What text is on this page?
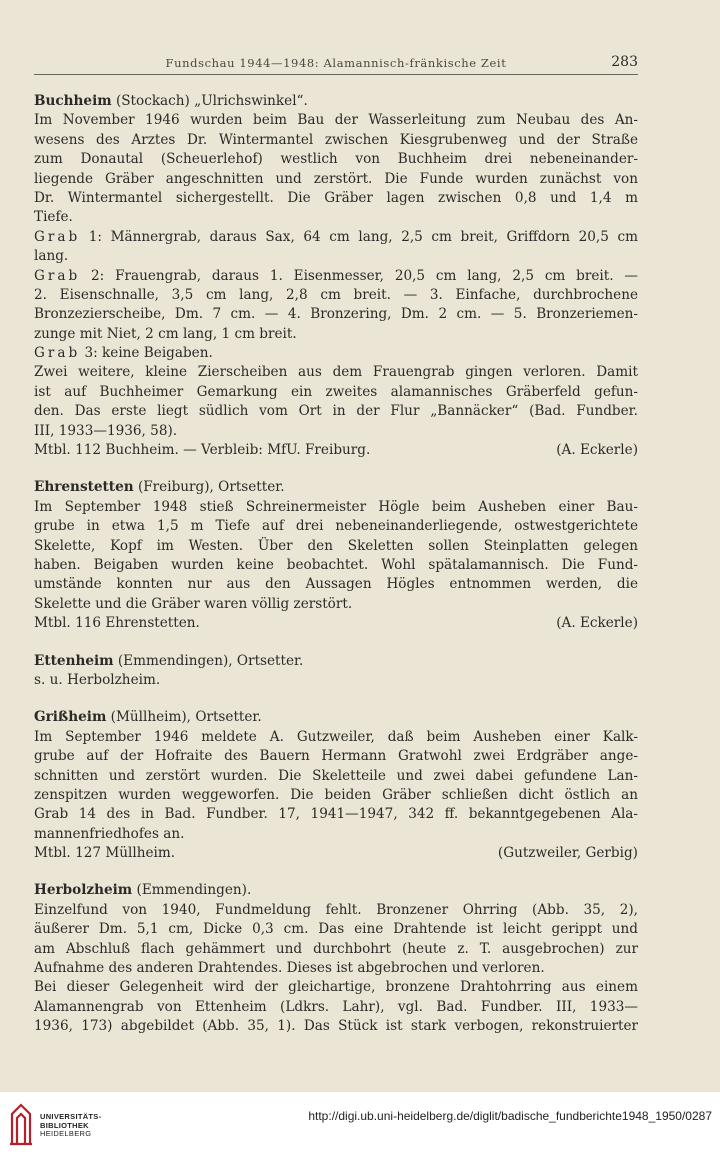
Fundschau 1944—1948: Alamannisch-fränkische Zeit	283
Buchheim (Stockach) „Ulrichswinkel“.
Im November 1946 wurden beim Bau der Wasserleitung zum Neubau des An-
wesens des Arztes Dr. Wintermantel zwischen Kiesgrubenweg und der Straße
zum Donautal (Scheuerlehof) westlich von Buchheim drei nebeneinander-
liegende Gräber angeschnitten und zerstört. Die Funde wurden zunächst von
Dr. Wintermantel sichergestellt. Die Gräber lagen zwischen 0,8 und 1,4 m
Tiefe.
Grab 1: Männergrab, daraus Sax, 64 cm lang, 2,5 cm breit, Griffdorn 20,5 cm
lang.
Grab 2: Frauengrab, daraus 1. Eisenmesser, 20,5 cm lang, 2,5 cm breit. —
2. Eisenschnalle, 3,5 cm lang, 2,8 cm breit. — 3. Einfache, durchbrochene
Bronzezierscheibe, Dm. 7 cm. — 4. Bronzering, Dm. 2 cm. — 5. Bronzeriemen-
zunge mit Niet, 2 cm lang, 1 cm breit.
Grab 3: keine Beigaben.
Zwei weitere, kleine Zierscheiben aus dem Frauengrab gingen verloren. Damit
ist auf Buchheimer Gemarkung ein zweites alamannisches Gräberfeld gefun-
den. Das erste liegt südlich vom Ort in der Flur „Bannäcker“ (Bad. Fundber.
III, 1933—1936, 58).
Mtbl. 112 Buchheim. — Verbleib: MfU. Freiburg.	(A. Eckerle)
Ehrenstetten (Freiburg), Ortsetter.
Im September 1948 stieß Schreinermeister Högle beim Ausheben einer Bau-
grube in etwa 1,5 m Tiefe auf drei nebeneinanderliegende, ostwestgerichtete
Skelette, Kopf im Westen. Über den Skeletten sollen Steinplatten gelegen
haben. Beigaben wurden keine beobachtet. Wohl spätalamannisch. Die Fund-
umstände konnten nur aus den Aussagen Högles entnommen werden, die
Skelette und die Gräber waren völlig zerstört.
Mtbl. 116 Ehrenstetten.	(A. Eckerle)
Ettenheim (Emmendingen), Ortsetter.
s. u. Herbolzheim.
Grißheim (Müllheim), Ortsetter.
Im September 1946 meldete A. Gutzweiler, daß beim Ausheben einer Kalk-
grube auf der Hofraite des Bauern Hermann Gratwohl zwei Erdgräber ange-
schnitten und zerstört wurden. Die Skeletteile und zwei dabei gefundene Lan-
zenspitzen wurden weggeworfen. Die beiden Gräber schließen dicht östlich an
Grab 14 des in Bad. Fundber. 17, 1941—1947, 342 ff. bekanntgegebenen Ala-
mannenfriedhofes an.
Mtbl. 127 Müllheim.	(Gutzweiler, Gerbig)
Herbolzheim (Emmendingen).
Einzelfund von 1940, Fundmeldung fehlt. Bronzener Ohrring (Abb. 35, 2),
äußerer Dm. 5,1 cm, Dicke 0,3 cm. Das eine Drahtende ist leicht gerippt und
am Abschluß flach gehämmert und durchbohrt (heute z. T. ausgebrochen) zur
Aufnahme des anderen Drahtendes. Dieses ist abgebrochen und verloren.
Bei dieser Gelegenheit wird der gleichartige, bronzene Drahtohrring aus einem
Alamannengrab von Ettenheim (Ldkrs. Lahr), vgl. Bad. Fundber. III, 1933—
1936, 173) abgebildet (Abb. 35, 1). Das Stück ist stark verbogen, rekonstruierter
UNIVERSITÄTS-
BIBLIOTHEK
HEIDELBERG
http://digi.ub.uni-heidelberg.de/diglit/badische_fundberichte1948_1950/0287
